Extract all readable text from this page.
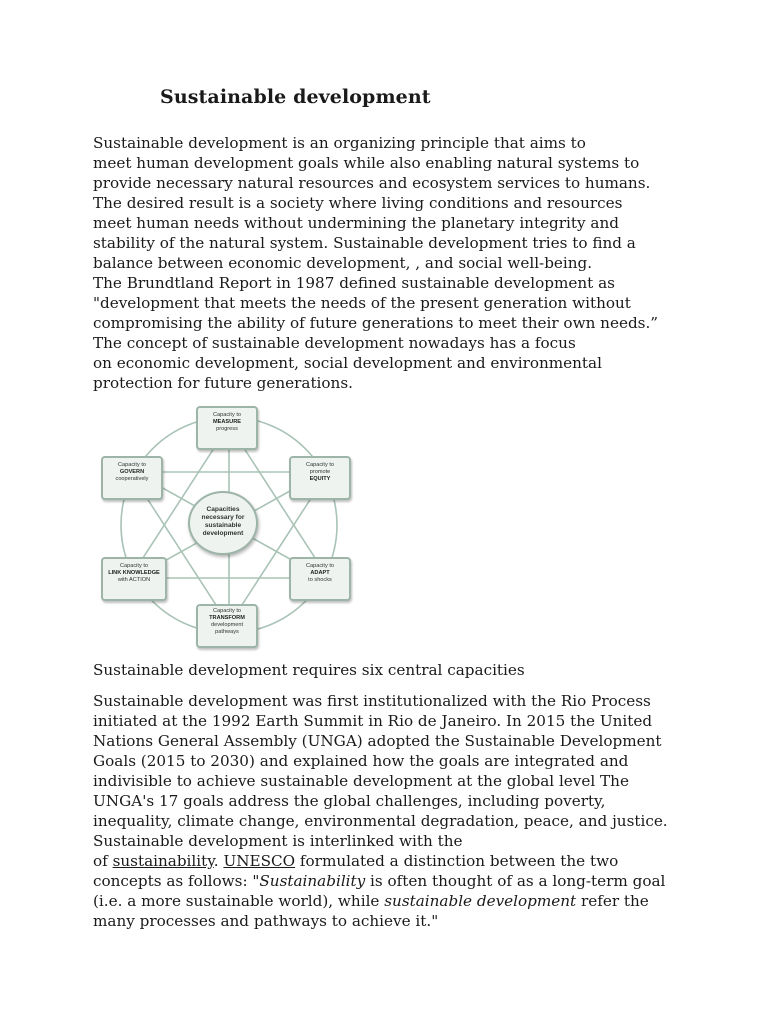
Sustainable development

Sustainable development is an organizing principle that aims to
meet human development goals while also enabling natural systems to
provide necessary natural resources and ecosystem services to humans.
The desired result is a society where living conditions and resources
meet human needs without undermining the planetary integrity and
stability of the natural system. Sustainable development tries to find a
balance between economic development, , and social well-being.
The Brundtland Report in 1987 defined sustainable development as
"development that meets the needs of the present generation without
compromising the ability of future generations to meet their own needs.”
The concept of sustainable development nowadays has a focus
on economic development, social development and environmental
protection for future generations.

Capacity to
MEASURE
progress
Capacity to
promote
EQUITY
Capacity to
ADAPT
to shocks
Capacity to
TRANSFORM
development
pathways
Capacity to
LINK KNOWLEDGE
with ACTION
Capacity to
GOVERN
cooperatively
Capacities
necessary for
sustainable
development

Sustainable development requires six central capacities

Sustainable development was first institutionalized with the Rio Process
initiated at the 1992 Earth Summit in Rio de Janeiro. In 2015 the United
Nations General Assembly (UNGA) adopted the Sustainable Development
Goals (2015 to 2030) and explained how the goals are integrated and
indivisible to achieve sustainable development at the global level The
UNGA's 17 goals address the global challenges, including poverty,
inequality, climate change, environmental degradation, peace, and justice.
Sustainable development is interlinked with the
of sustainability. UNESCO formulated a distinction between the two
concepts as follows: "Sustainability is often thought of as a long-term goal
(i.e. a more sustainable world), while sustainable development refer the
many processes and pathways to achieve it."
